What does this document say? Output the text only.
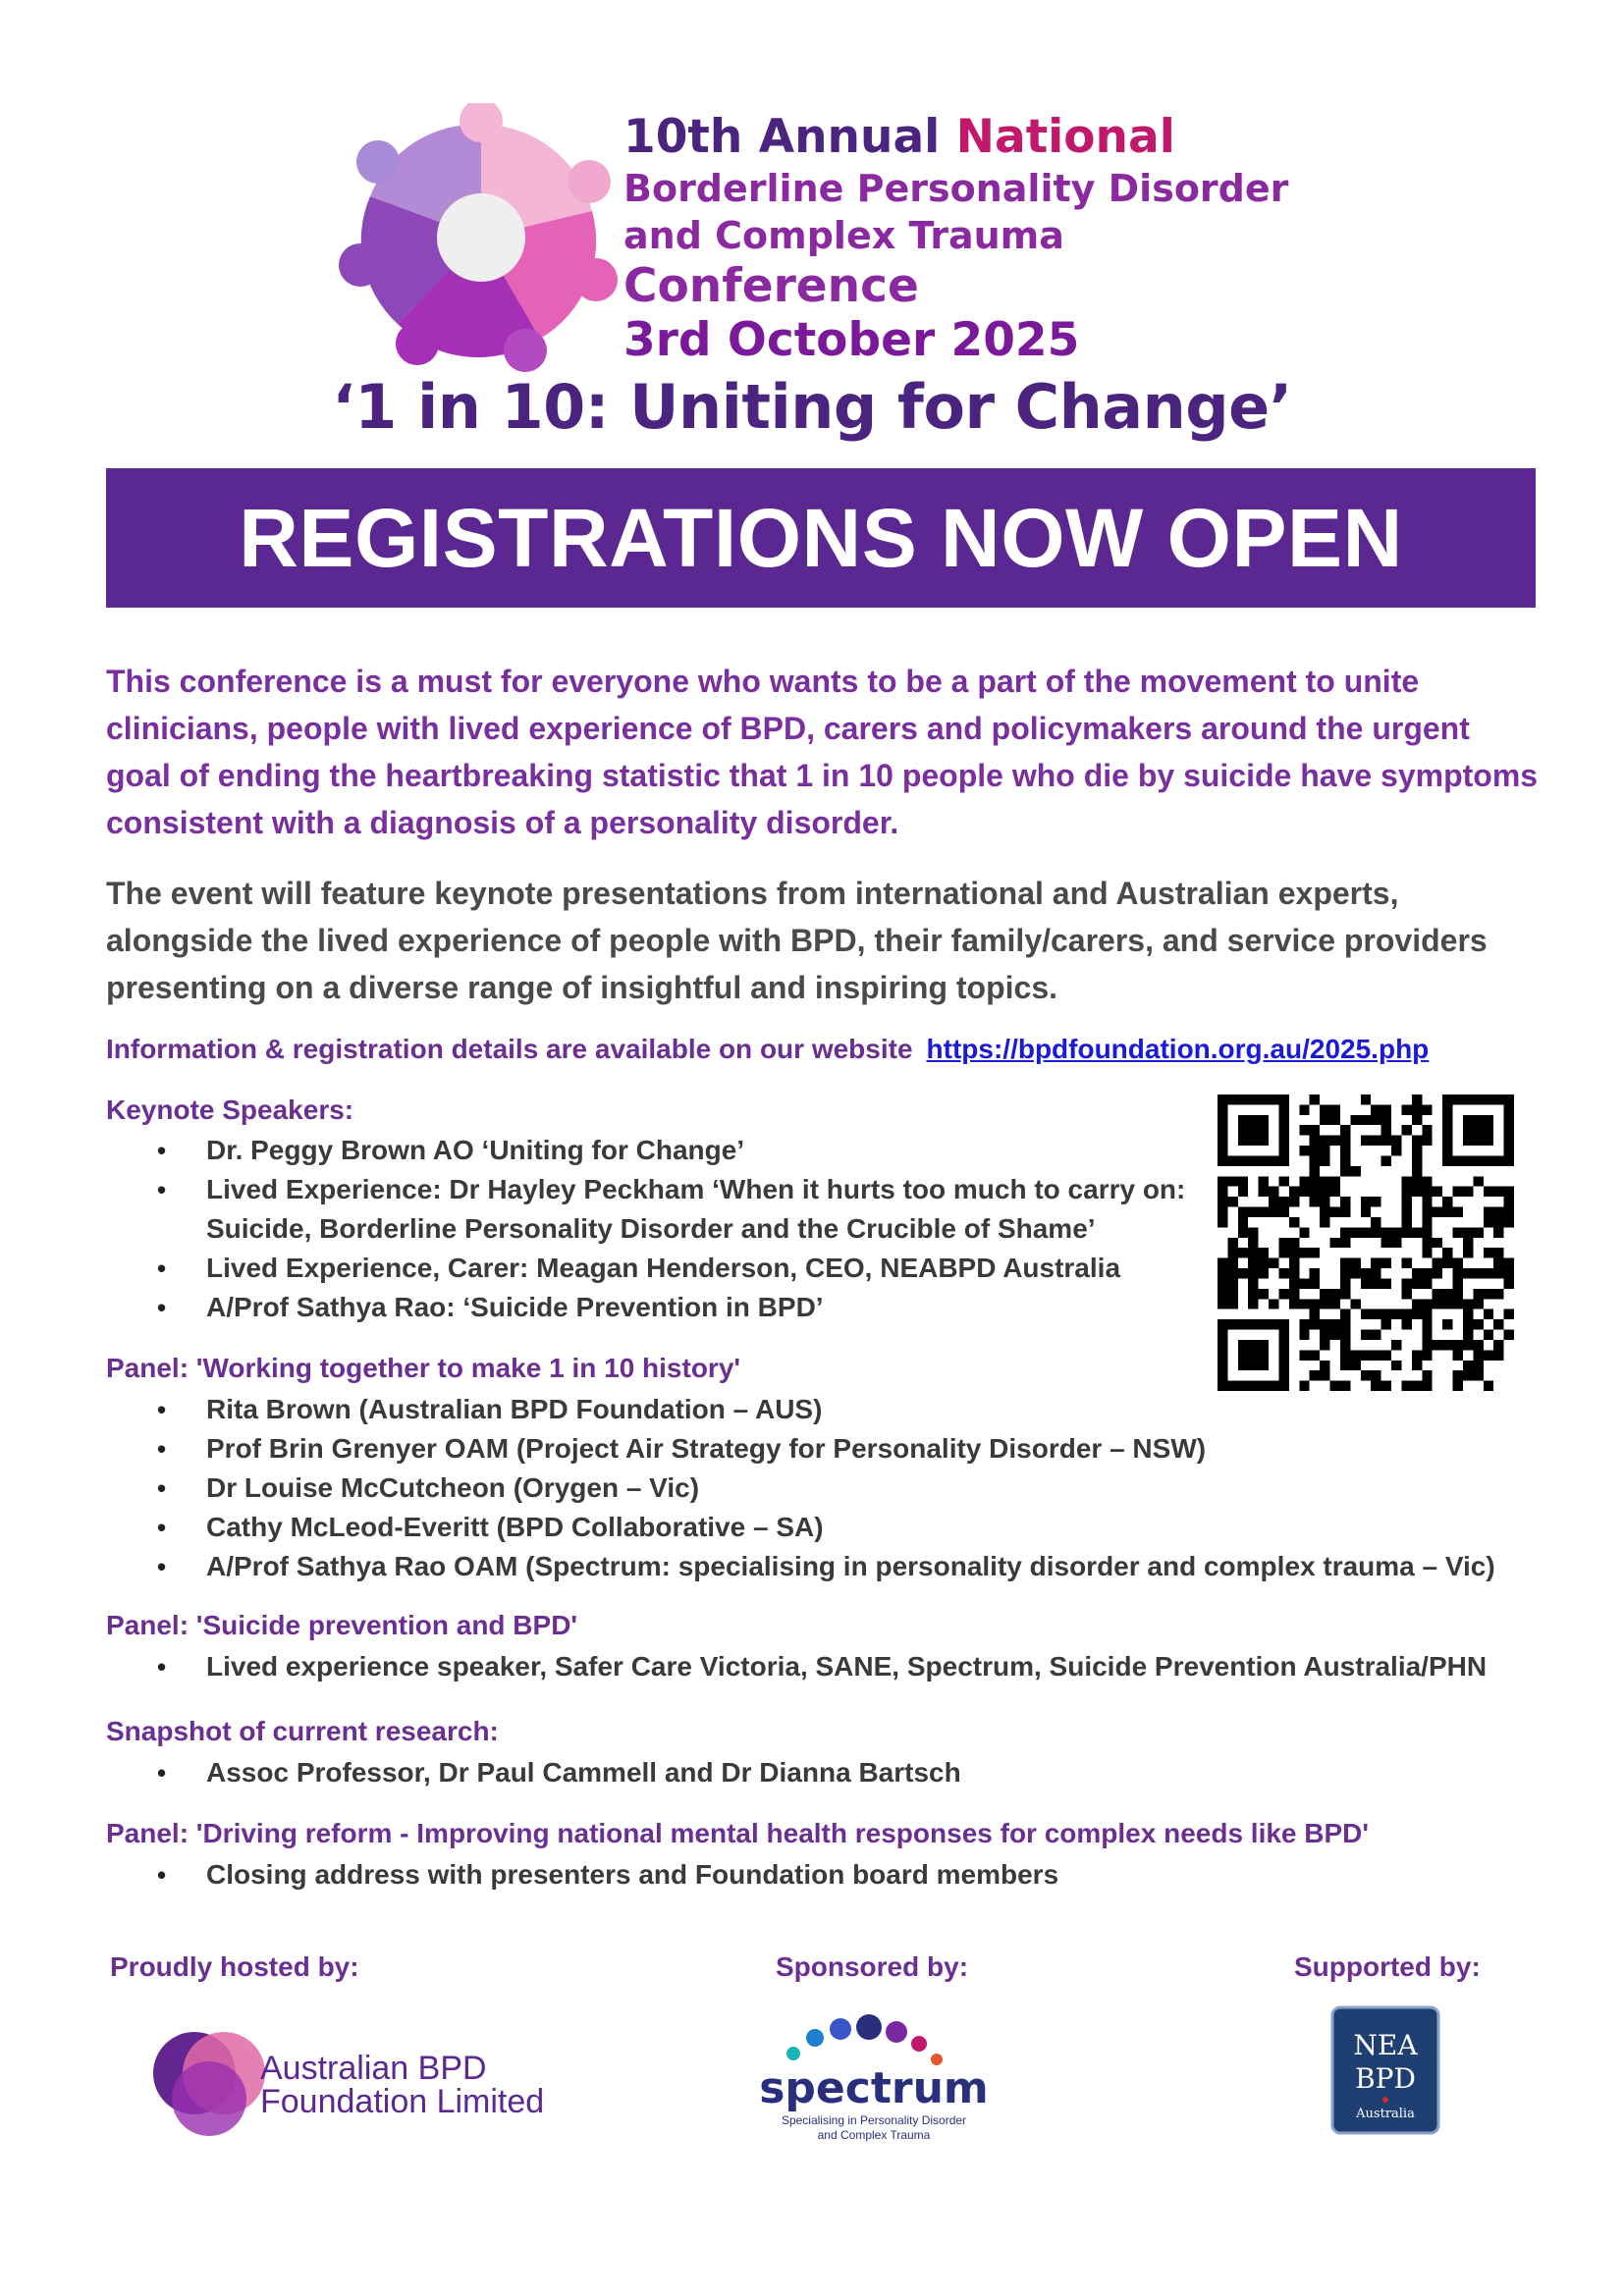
10th Annual National
Borderline Personality Disorder
and Complex Trauma
Conference
3rd October 2025
‘1 in 10: Uniting for Change’
REGISTRATIONS NOW OPEN
This conference is a must for everyone who wants to be a part of the movement to unite clinicians, people with lived experience of BPD, carers and policymakers around the urgent goal of ending the heartbreaking statistic that 1 in 10 people who die by suicide have symptoms consistent with a diagnosis of a personality disorder.
The event will feature keynote presentations from international and Australian experts, alongside the lived experience of people with BPD, their family/carers, and service providers presenting on a diverse range of insightful and inspiring topics.
Information & registration details are available on our website https://bpdfoundation.org.au/2025.php
Keynote Speakers:
• Dr. Peggy Brown AO ‘Uniting for Change’
• Lived Experience: Dr Hayley Peckham ‘When it hurts too much to carry on: Suicide, Borderline Personality Disorder and the Crucible of Shame’
• Lived Experience, Carer: Meagan Henderson, CEO, NEABPD Australia
• A/Prof Sathya Rao: ‘Suicide Prevention in BPD’
Panel: 'Working together to make 1 in 10 history'
• Rita Brown (Australian BPD Foundation – AUS)
• Prof Brin Grenyer OAM (Project Air Strategy for Personality Disorder – NSW)
• Dr Louise McCutcheon (Orygen – Vic)
• Cathy McLeod-Everitt (BPD Collaborative – SA)
• A/Prof Sathya Rao OAM (Spectrum: specialising in personality disorder and complex trauma – Vic)
Panel: 'Suicide prevention and BPD'
• Lived experience speaker, Safer Care Victoria, SANE, Spectrum, Suicide Prevention Australia/PHN
Snapshot of current research:
• Assoc Professor, Dr Paul Cammell and Dr Dianna Bartsch
Panel: 'Driving reform - Improving national mental health responses for complex needs like BPD'
• Closing address with presenters and Foundation board members
Proudly hosted by:	Sponsored by:	Supported by:
Australian BPD
Foundation Limited	spectrum
Specialising in Personality Disorder
and Complex Trauma
NEA
BPD
Australia
